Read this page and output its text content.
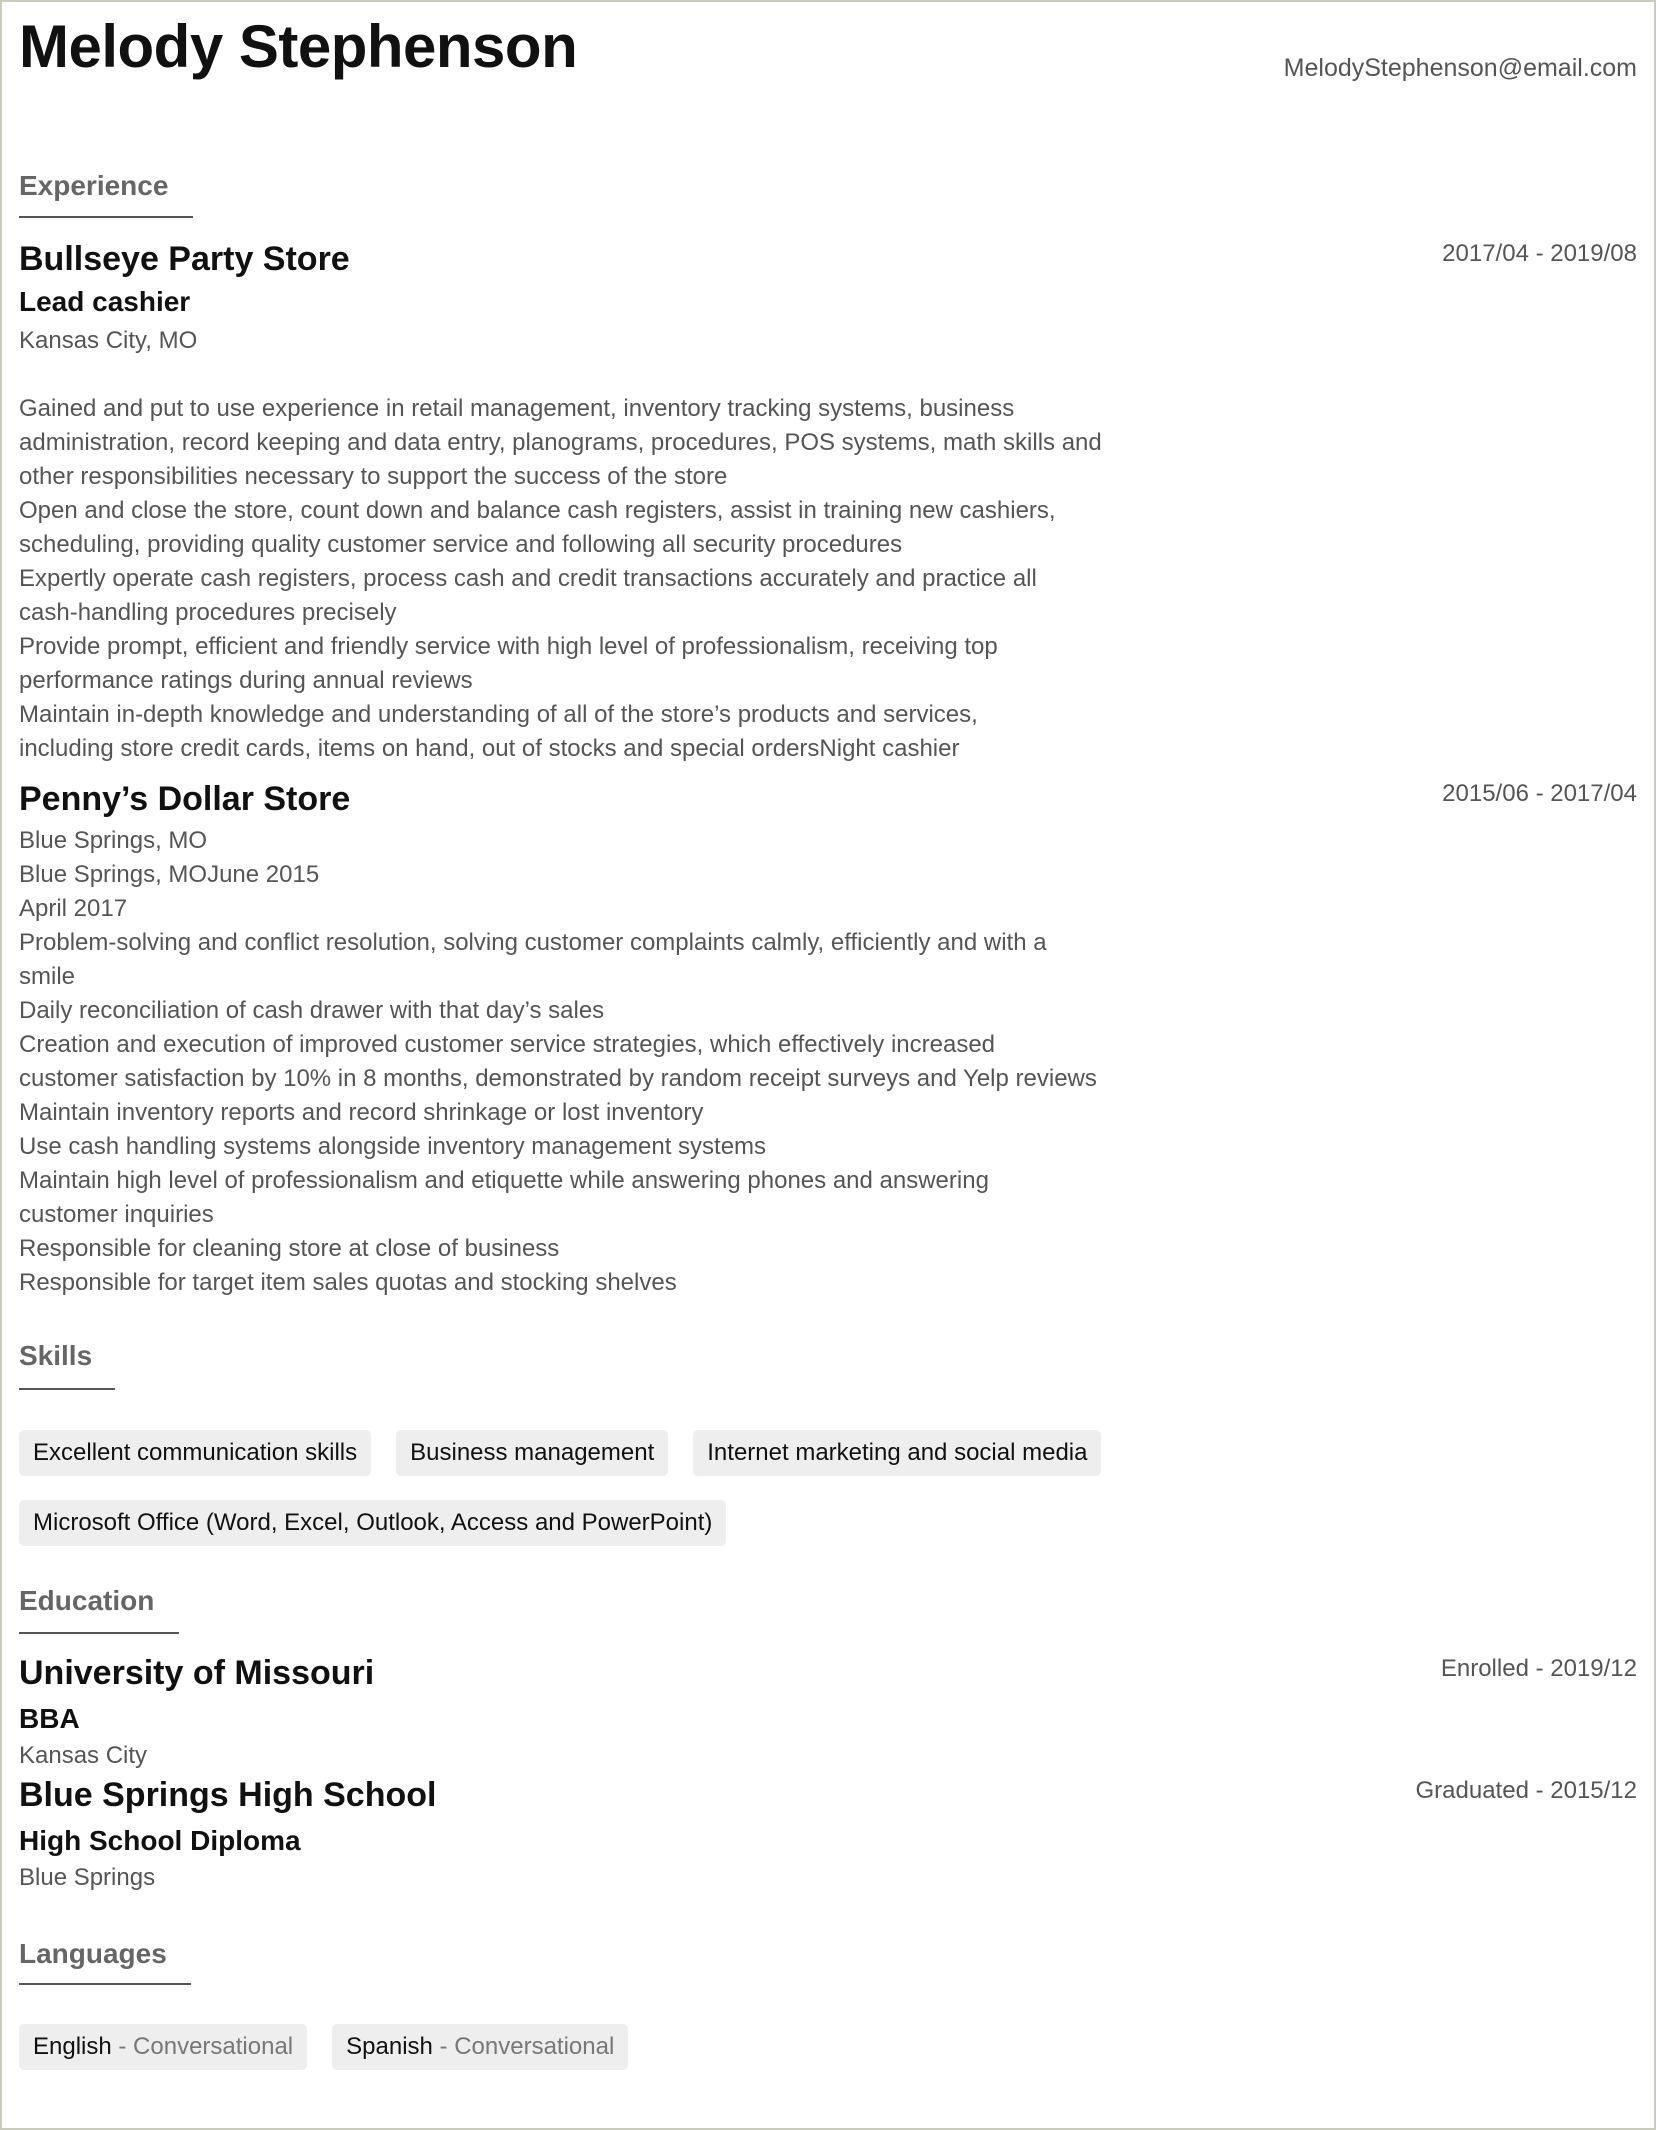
Melody Stephenson	MelodyStephenson@email.com
Experience
Bullseye Party Store	2017/04 - 2019/08
Lead cashier
Kansas City, MO
Gained and put to use experience in retail management, inventory tracking systems, business
administration, record keeping and data entry, planograms, procedures, POS systems, math skills and
other responsibilities necessary to support the success of the store
Open and close the store, count down and balance cash registers, assist in training new cashiers,
scheduling, providing quality customer service and following all security procedures
Expertly operate cash registers, process cash and credit transactions accurately and practice all
cash-handling procedures precisely
Provide prompt, efficient and friendly service with high level of professionalism, receiving top
performance ratings during annual reviews
Maintain in-depth knowledge and understanding of all of the store’s products and services,
including store credit cards, items on hand, out of stocks and special ordersNight cashier
Penny’s Dollar Store	2015/06 - 2017/04
Blue Springs, MO
Blue Springs, MOJune 2015
April 2017
Problem-solving and conflict resolution, solving customer complaints calmly, efficiently and with a
smile
Daily reconciliation of cash drawer with that day’s sales
Creation and execution of improved customer service strategies, which effectively increased
customer satisfaction by 10% in 8 months, demonstrated by random receipt surveys and Yelp reviews
Maintain inventory reports and record shrinkage or lost inventory
Use cash handling systems alongside inventory management systems
Maintain high level of professionalism and etiquette while answering phones and answering
customer inquiries
Responsible for cleaning store at close of business
Responsible for target item sales quotas and stocking shelves
Skills
Excellent communication skills	Business management	Internet marketing and social media
Microsoft Office (Word, Excel, Outlook, Access and PowerPoint)
Education
University of Missouri	Enrolled - 2019/12
BBA
Kansas City
Blue Springs High School	Graduated - 2015/12
High School Diploma
Blue Springs
Languages
English - Conversational	Spanish - Conversational
